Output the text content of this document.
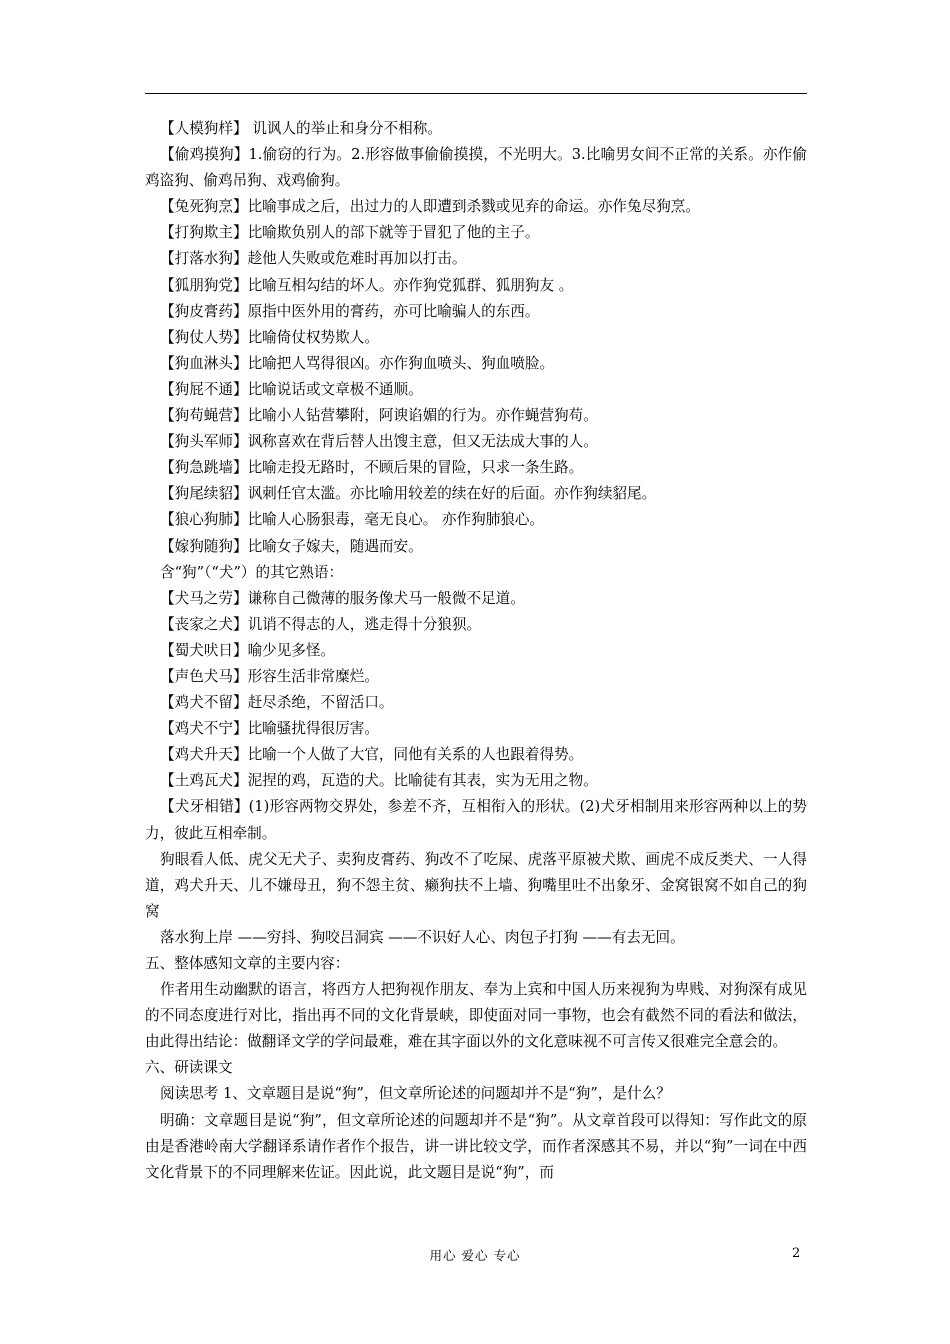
【人模狗样】 讥讽人的举止和身分不相称。

【偷鸡摸狗】1.偷窃的行为。2.形容做事偷偷摸摸，不光明大。3.比喻男女间不正常的关系。亦作偷鸡盗狗、偷鸡吊狗、戏鸡偷狗。

【兔死狗烹】比喻事成之后，出过力的人即遭到杀戮或见弃的命运。亦作兔尽狗烹。

【打狗欺主】比喻欺负别人的部下就等于冒犯了他的主子。

【打落水狗】趁他人失败或危难时再加以打击。

【狐朋狗党】比喻互相勾结的坏人。亦作狗党狐群、狐朋狗友 。

【狗皮膏药】原指中医外用的膏药，亦可比喻骗人的东西。

【狗仗人势】比喻倚仗权势欺人。

【狗血淋头】比喻把人骂得很凶。亦作狗血喷头、狗血喷脸。

【狗屁不通】比喻说话或文章极不通顺。

【狗苟蝇营】比喻小人钻营攀附，阿谀谄媚的行为。亦作蝇营狗苟。

【狗头军师】讽称喜欢在背后替人出馊主意，但又无法成大事的人。

【狗急跳墙】比喻走投无路时，不顾后果的冒险，只求一条生路。

【狗尾续貂】讽刺任官太滥。亦比喻用较差的续在好的后面。亦作狗续貂尾。

【狼心狗肺】比喻人心肠狠毒，毫无良心。 亦作狗肺狼心。

【嫁狗随狗】比喻女子嫁夫，随遇而安。

含“狗”（“犬”）的其它熟语：

【犬马之劳】谦称自己微薄的服务像犬马一般微不足道。

【丧家之犬】讥诮不得志的人，逃走得十分狼狈。

【蜀犬吠日】喻少见多怪。

【声色犬马】形容生活非常糜烂。

【鸡犬不留】赶尽杀绝，不留活口。

【鸡犬不宁】比喻骚扰得很厉害。

【鸡犬升天】比喻一个人做了大官，同他有关系的人也跟着得势。

【土鸡瓦犬】泥捏的鸡，瓦造的犬。比喻徒有其表，实为无用之物。

【犬牙相错】(1)形容两物交界处，参差不齐，互相衔入的形状。(2)犬牙相制用来形容两种以上的势力，彼此互相牵制。

狗眼看人低、虎父无犬子、卖狗皮膏药、狗改不了吃屎、虎落平原被犬欺、画虎不成反类犬、一人得道，鸡犬升天、儿不嫌母丑，狗不怨主贫、癞狗扶不上墙、狗嘴里吐不出象牙、金窝银窝不如自己的狗窝

落水狗上岸 ——穷抖、狗咬吕洞宾 ——不识好人心、肉包子打狗 ——有去无回。

五、整体感知文章的主要内容：

作者用生动幽默的语言，将西方人把狗视作朋友、奉为上宾和中国人历来视狗为卑贱、对狗深有成见的不同态度进行对比，指出再不同的文化背景峡，即使面对同一事物，也会有截然不同的看法和做法，由此得出结论：做翻译文学的学问最难，难在其字面以外的文化意味视不可言传又很难完全意会的。

六、研读课文

阅读思考 1、文章题目是说“狗”，但文章所论述的问题却并不是“狗”，是什么？

明确：文章题目是说“狗”，但文章所论述的问题却并不是“狗”。从文章首段可以得知：写作此文的原由是香港岭南大学翻译系请作者作个报告，讲一讲比较文学，而作者深感其不易，并以“狗”一词在中西文化背景下的不同理解来佐证。因此说，此文题目是说“狗”，而

用心 爱心 专心	2
